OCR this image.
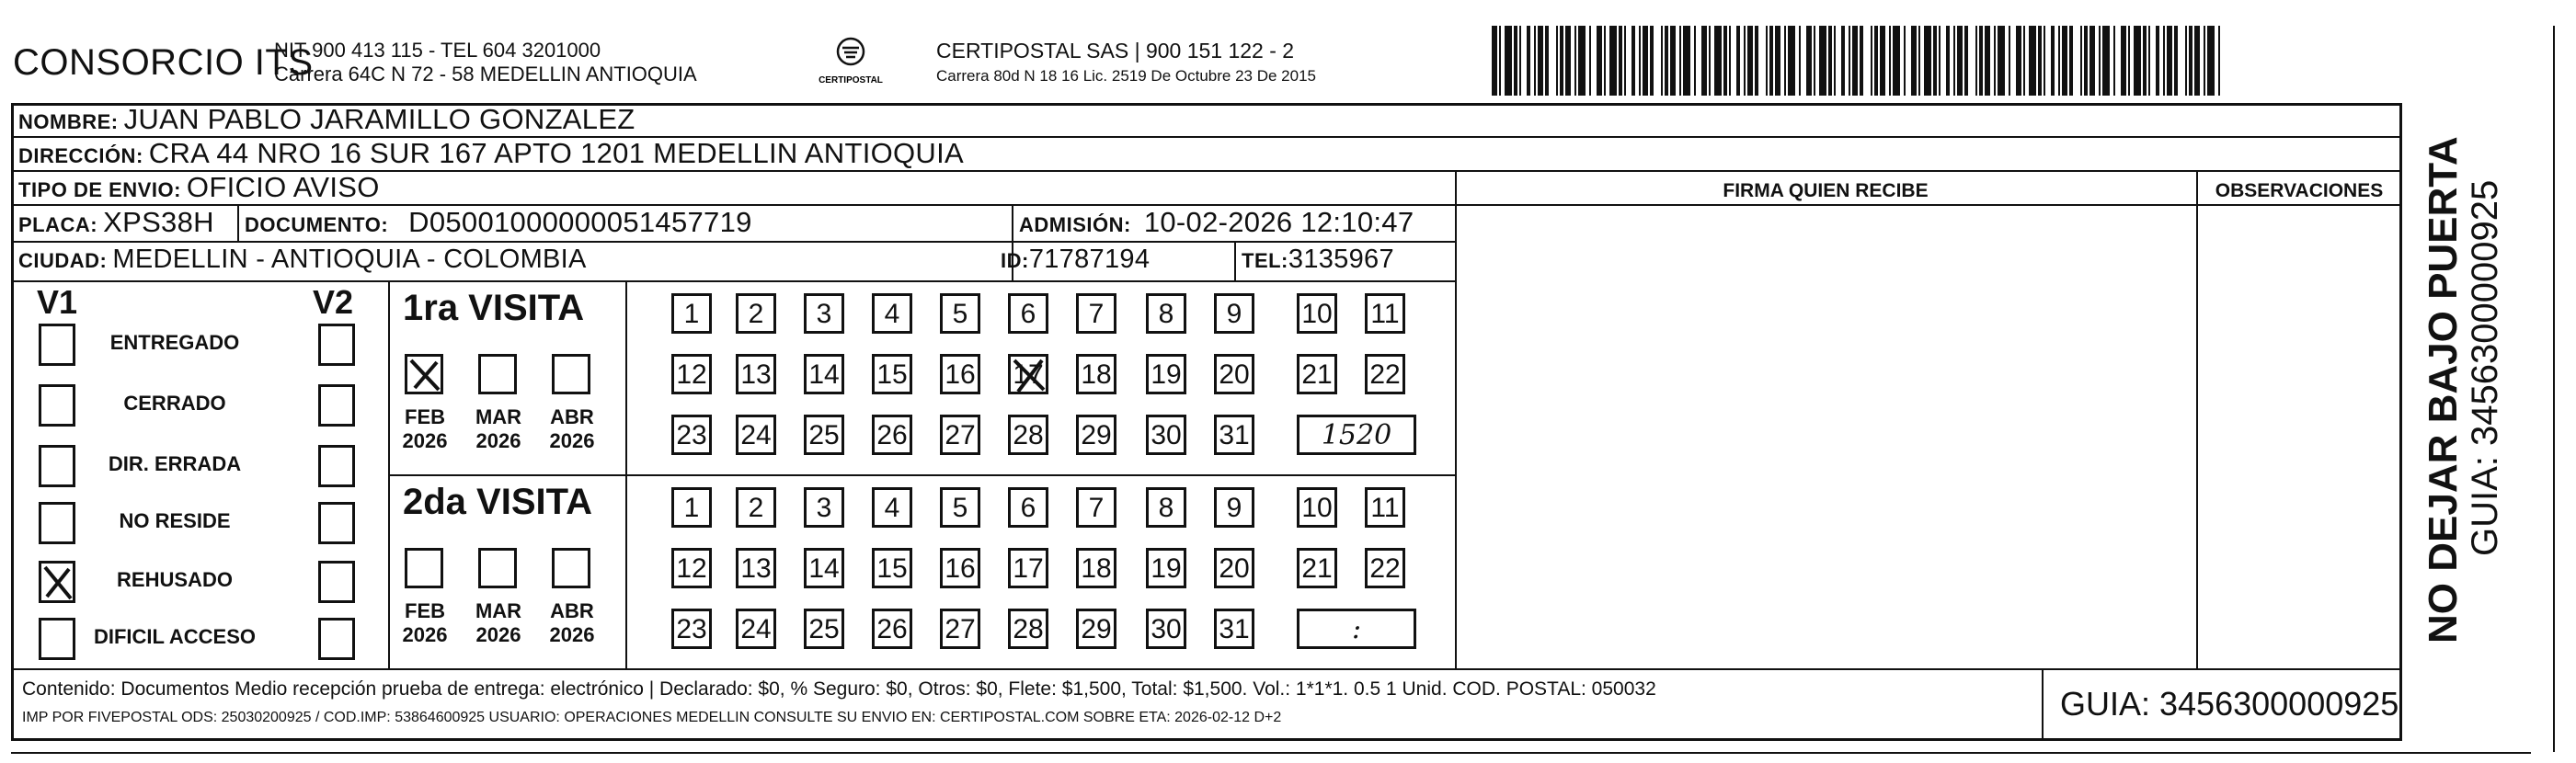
CONSORCIO ITS
NIT 900 413 115 - TEL 604 3201000
Carrera 64C N 72 - 58 MEDELLIN ANTIOQUIA	CERTIPOSTAL
CERTIPOSTAL SAS | 900 151 122 - 2
Carrera 80d N 18 16 Lic. 2519 De Octubre 23 De 2015
NOMBRE: JUAN PABLO JARAMILLO GONZALEZ
DIRECCIÓN: CRA 44 NRO 16 SUR 167 APTO 1201 MEDELLIN ANTIOQUIA
TIPO DE ENVIO: OFICIO AVISO	FIRMA QUIEN RECIBE	OBSERVACIONES
PLACA: XPS38H DOCUMENTO: D05001000000051457719	ADMISIÓN: 10-02-2026 12:10:47
CIUDAD: MEDELLIN - ANTIOQUIA - COLOMBIA	ID:71787194	TEL:3135967
V1	V2
ENTREGADO
CERRADO
DIR. ERRADA
NO RESIDE
REHUSADO
DIFICIL ACCESO
1ra VISITA
FEB
2026
MAR
2026
ABR
2026
1	2	3	4	5	6	7	8	9	10 11
12 13 14 15 16 17 18 19 20 21 22
23 24 25 26 27 28 29 30 31	1520
2da VISITA
FEB
2026
MAR
2026
ABR
2026
1	2	3	4	5	6	7	8	9	10 11
12 13 14 15 16 17 18 19 20 21 22
23 24 25 26 27 28 29 30 31	:
Contenido: Documentos Medio recepción prueba de entrega: electrónico | Declarado: $0, % Seguro: $0, Otros: $0, Flete: $1,500, Total: $1,500. Vol.: 1*1*1. 0.5 1 Unid. COD. POSTAL: 050032
IMP POR FIVEPOSTAL ODS: 25030200925 / COD.IMP: 53864600925 USUARIO: OPERACIONES MEDELLIN CONSULTE SU ENVIO EN: CERTIPOSTAL.COM SOBRE ETA: 2026-02-12 D+2	GUIA: 3456300000925
NO DEJAR BAJO PUERTA GUIA: 3456300000925
